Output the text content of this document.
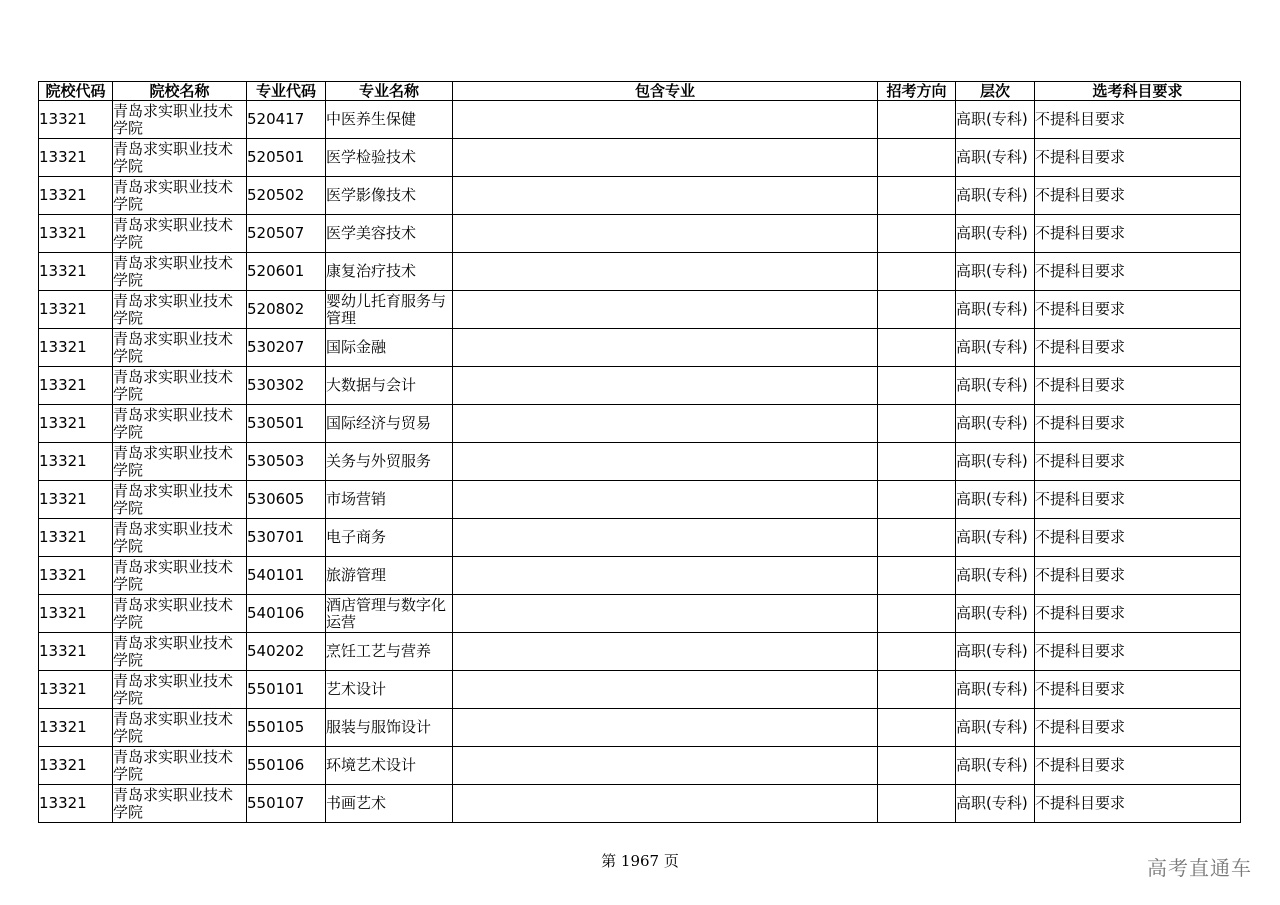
院校代码	院校名称	专业代码	专业名称	包含专业	招考方向	层次	选考科目要求
13321	青岛求实职业技术学院	520417	中医养生保健			高职(专科)	不提科目要求
13321	青岛求实职业技术学院	520501	医学检验技术			高职(专科)	不提科目要求
13321	青岛求实职业技术学院	520502	医学影像技术			高职(专科)	不提科目要求
13321	青岛求实职业技术学院	520507	医学美容技术			高职(专科)	不提科目要求
13321	青岛求实职业技术学院	520601	康复治疗技术			高职(专科)	不提科目要求
13321	青岛求实职业技术学院	520802	婴幼儿托育服务与管理			高职(专科)	不提科目要求
13321	青岛求实职业技术学院	530207	国际金融			高职(专科)	不提科目要求
13321	青岛求实职业技术学院	530302	大数据与会计			高职(专科)	不提科目要求
13321	青岛求实职业技术学院	530501	国际经济与贸易			高职(专科)	不提科目要求
13321	青岛求实职业技术学院	530503	关务与外贸服务			高职(专科)	不提科目要求
13321	青岛求实职业技术学院	530605	市场营销			高职(专科)	不提科目要求
13321	青岛求实职业技术学院	530701	电子商务			高职(专科)	不提科目要求
13321	青岛求实职业技术学院	540101	旅游管理			高职(专科)	不提科目要求
13321	青岛求实职业技术学院	540106	酒店管理与数字化运营			高职(专科)	不提科目要求
13321	青岛求实职业技术学院	540202	烹饪工艺与营养			高职(专科)	不提科目要求
13321	青岛求实职业技术学院	550101	艺术设计			高职(专科)	不提科目要求
13321	青岛求实职业技术学院	550105	服装与服饰设计			高职(专科)	不提科目要求
13321	青岛求实职业技术学院	550106	环境艺术设计			高职(专科)	不提科目要求
13321	青岛求实职业技术学院	550107	书画艺术			高职(专科)	不提科目要求
第 1967 页	高考直通车
